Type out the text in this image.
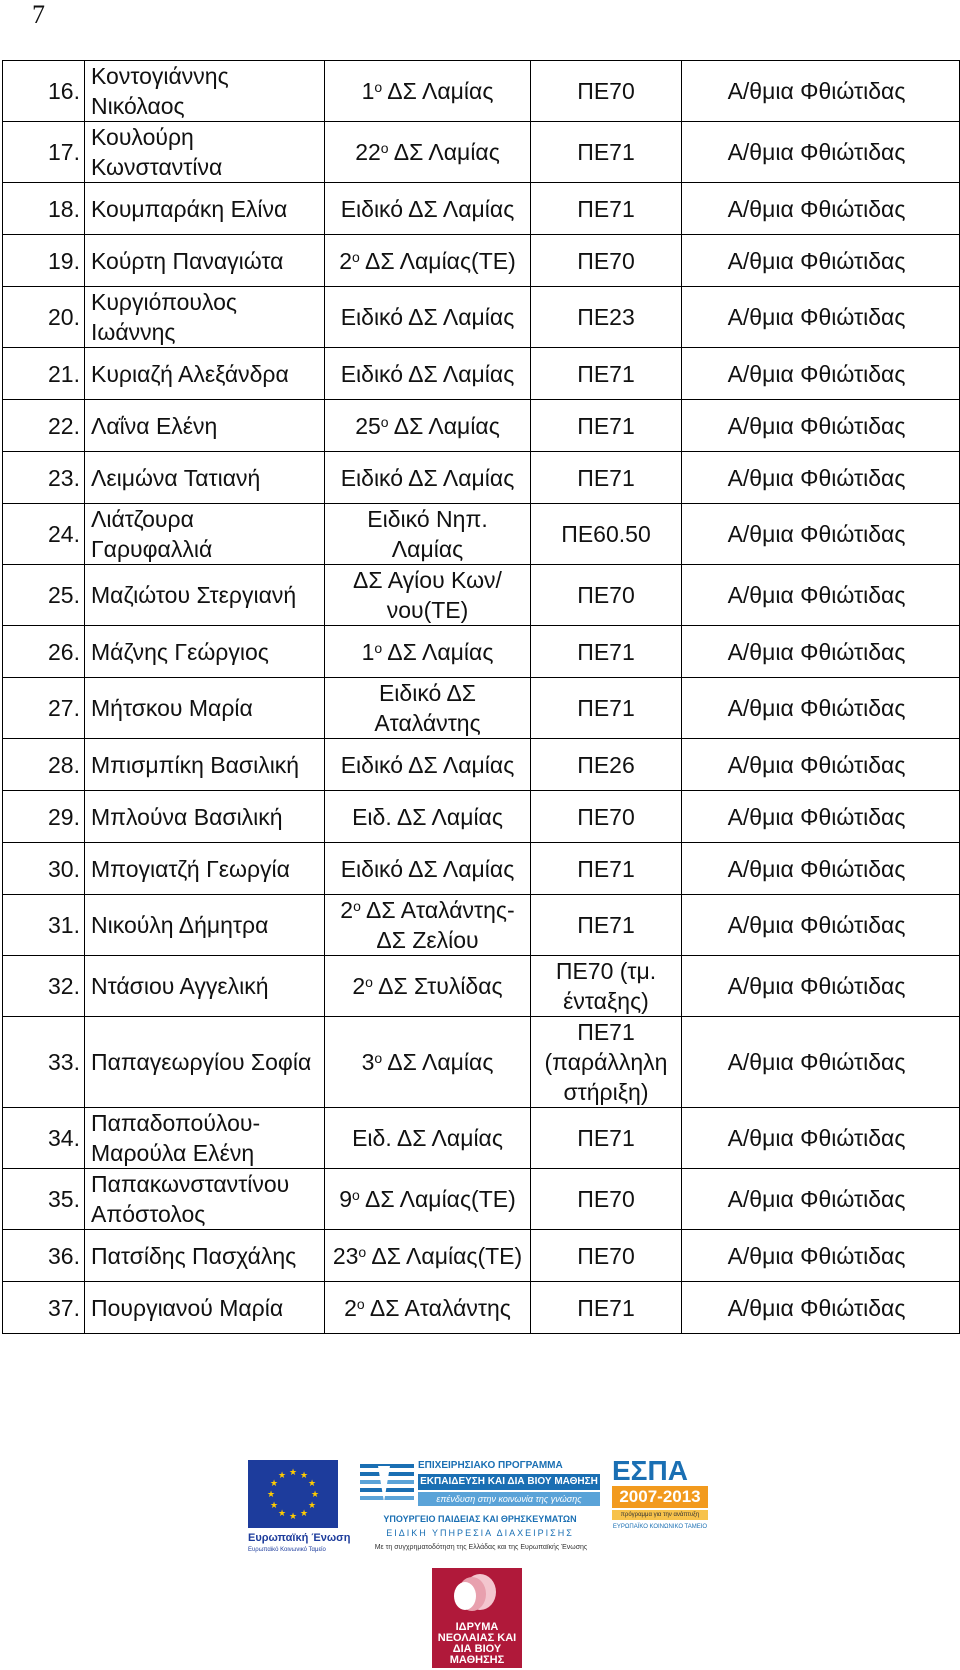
7
16.	Κοντογιάννης Νικόλαος	$1^o$ ΔΣ Λαμίας	ΠΕ70	Α/θμια Φθιώτιδας
17.	Κουλούρη Κωνσταντίνα	$22^o$ ΔΣ Λαμίας	ΠΕ71	Α/θμια Φθιώτιδας
18.	Κουμπαράκη Ελίνα	Ειδικό ΔΣ Λαμίας	ΠΕ71	Α/θμια Φθιώτιδας
19.	Κούρτη Παναγιώτα	$2^o$ ΔΣ Λαμίας(ΤΕ)	ΠΕ70	Α/θμια Φθιώτιδας
20.	Κυργιόπουλος Ιωάννης	Ειδικό ΔΣ Λαμίας	ΠΕ23	Α/θμια Φθιώτιδας
21.	Κυριαζή Αλεξάνδρα	Ειδικό ΔΣ Λαμίας	ΠΕ71	Α/θμια Φθιώτιδας
22.	Λαΐνα Ελένη	$25^o$ ΔΣ Λαμίας	ΠΕ71	Α/θμια Φθιώτιδας
23.	Λειμώνα Τατιανή	Ειδικό ΔΣ Λαμίας	ΠΕ71	Α/θμια Φθιώτιδας
24.	Λιάτζουρα Γαρυφαλλιά	Ειδικό Νηπ. Λαμίας	ΠΕ60.50	Α/θμια Φθιώτιδας
25.	Μαζιώτου Στεργιανή	ΔΣ Αγίου Κων/νου(ΤΕ)	ΠΕ70	Α/θμια Φθιώτιδας
26.	Μάζνης Γεώργιος	$1^o$ ΔΣ Λαμίας	ΠΕ71	Α/θμια Φθιώτιδας
27.	Μήτσκου Μαρία	Ειδικό ΔΣ Αταλάντης	ΠΕ71	Α/θμια Φθιώτιδας
28.	Μπισμπίκη Βασιλική	Ειδικό ΔΣ Λαμίας	ΠΕ26	Α/θμια Φθιώτιδας
29.	Μπλούνα Βασιλική	Ειδ. ΔΣ Λαμίας	ΠΕ70	Α/θμια Φθιώτιδας
30.	Μπογιατζή Γεωργία	Ειδικό ΔΣ Λαμίας	ΠΕ71	Α/θμια Φθιώτιδας
31.	Νικούλη Δήμητρα	$2^o$ ΔΣ Αταλάντης-ΔΣ Ζελίου	ΠΕ71	Α/θμια Φθιώτιδας
32.	Ντάσιου Αγγελική	$2^o$ ΔΣ Στυλίδας	ΠΕ70 (τμ. ένταξης)	Α/θμια Φθιώτιδας
33.	Παπαγεωργίου Σοφία	$3^o$ ΔΣ Λαμίας	ΠΕ71 (παράλληλη στήριξη)	Α/θμια Φθιώτιδας
34.	Παπαδοπούλου-Μαρούλα Ελένη	Ειδ. ΔΣ Λαμίας	ΠΕ71	Α/θμια Φθιώτιδας
35.	Παπακωνσταντίνου Απόστολος	$9^o$ ΔΣ Λαμίας(ΤΕ)	ΠΕ70	Α/θμια Φθιώτιδας
36.	Πατσίδης Πασχάλης	$23^o$ ΔΣ Λαμίας(ΤΕ)	ΠΕ70	Α/θμια Φθιώτιδας
37.	Πουργιανού Μαρία	$2^o$ ΔΣ Αταλάντης	ΠΕ71	Α/θμια Φθιώτιδας
★
★
★
★
★
★
★
★
★ ★ ★
★
Ευρωπαϊκή Ένωση
Ευρωπαϊκό Κοινωνικό Ταμείο
ΕΠΙΧΕΙΡΗΣΙΑΚΟ ΠΡΟΓΡΑΜΜΑ
ΕΚΠΑΙΔΕΥΣΗ ΚΑΙ ΔΙΑ ΒΙΟΥ ΜΑΘΗΣΗ
επένδυση στην κοινωνία της γνώσης
ΥΠΟΥΡΓΕΙΟ ΠΑΙΔΕΙΑΣ ΚΑΙ ΘΡΗΣΚΕΥΜΑΤΩΝ
ΕΙΔΙΚΗ ΥΠΗΡΕΣΙΑ ΔΙΑΧΕΙΡΙΣΗΣ
Με τη συγχρηματοδότηση της Ελλάδας και της Ευρωπαϊκής Ένωσης
ΕΣΠΑ
2007-2013
πρόγραμμα για την ανάπτυξη
ΕΥΡΩΠΑΪΚΟ ΚΟΙΝΩΝΙΚΟ ΤΑΜΕΙΟ
ΙΔΡΥΜΑ ΝΕΟΛΑΙΑΣ ΚΑΙ ΔΙΑ ΒΙΟΥ ΜΑΘΗΣΗΣ
